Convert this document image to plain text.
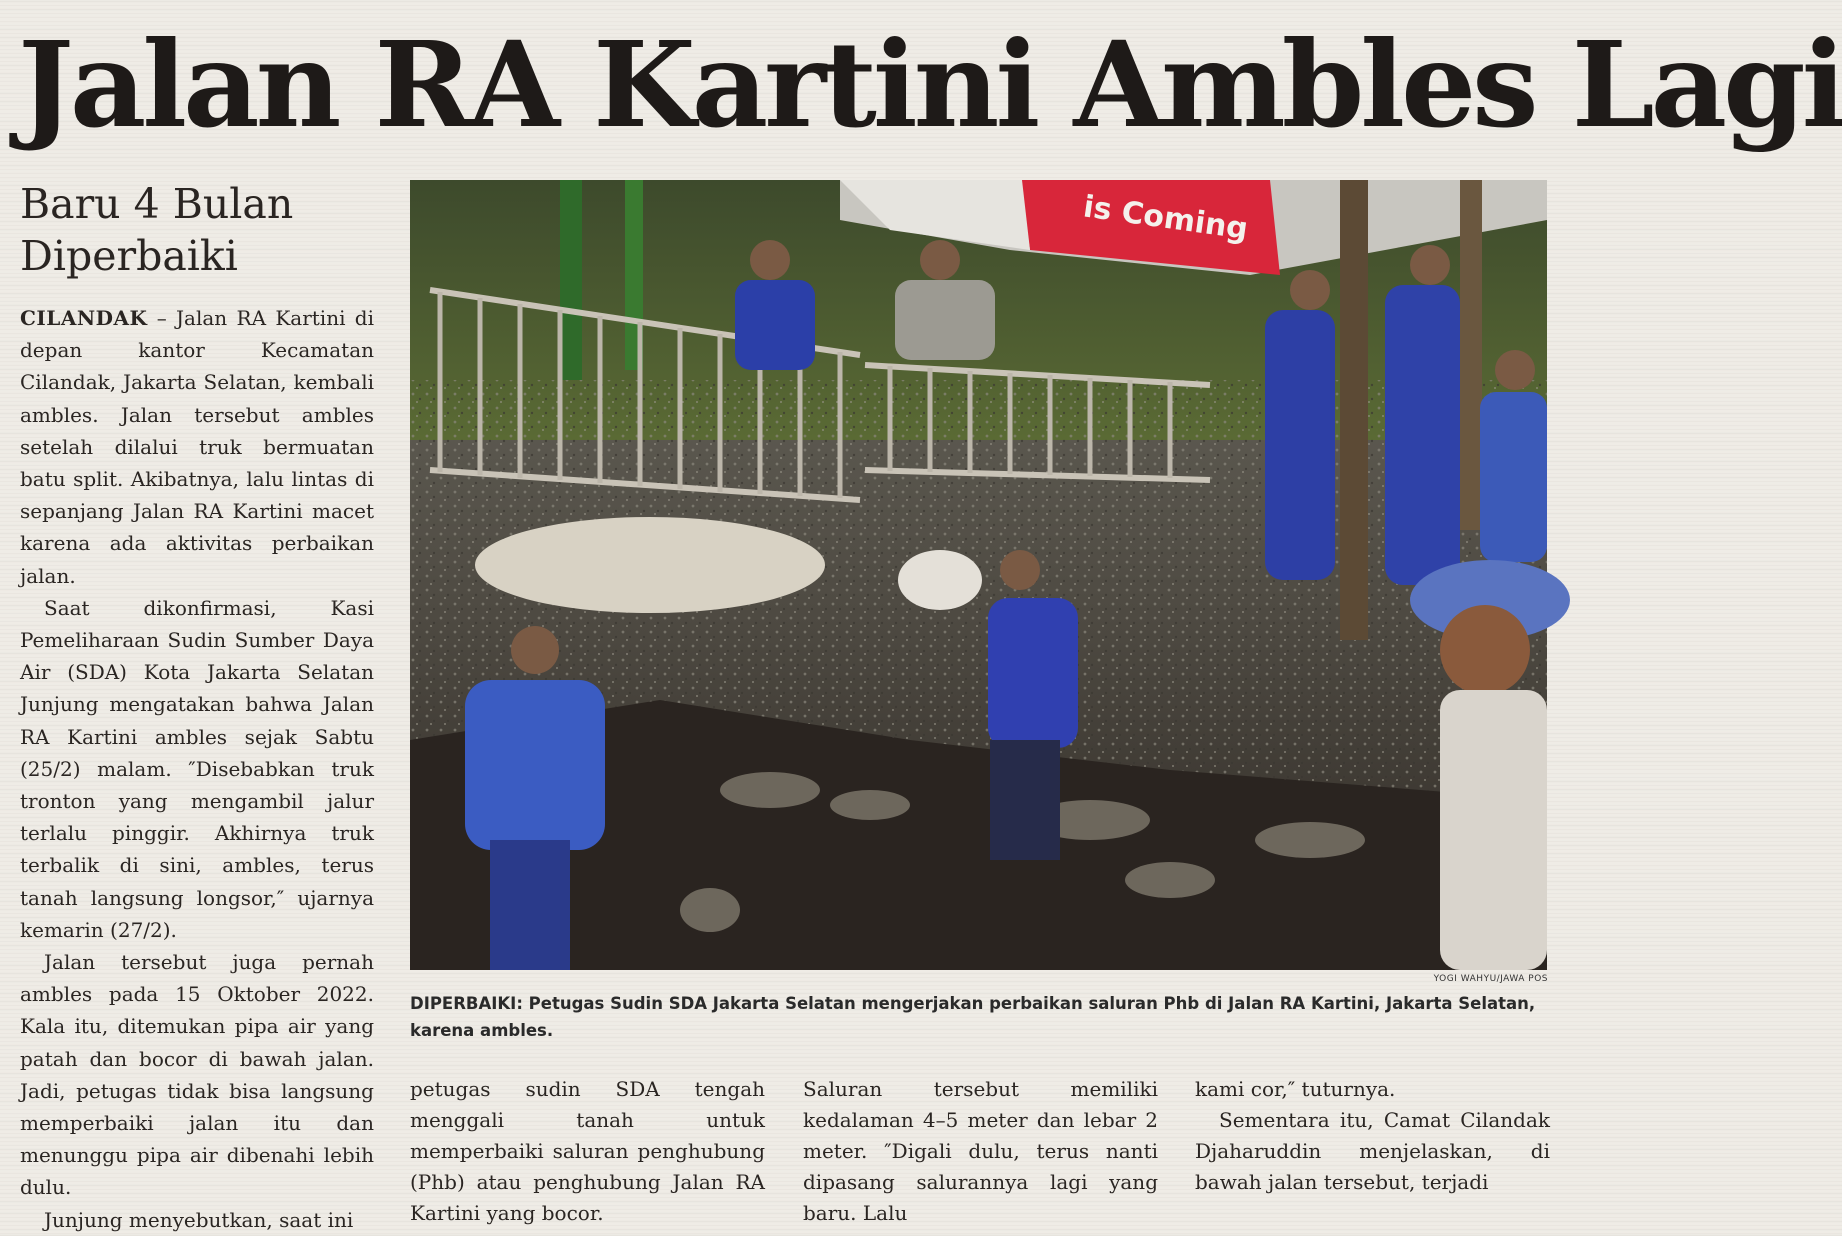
Jalan RA Kartini Ambles Lagi
Baru 4 Bulan Diperbaiki

CILANDAK – Jalan RA Kartini di depan kantor Kecamatan Cilandak, Jakarta Selatan, kembali ambles. Jalan tersebut ambles setelah dilalui truk bermuatan batu split. Akibatnya, lalu lintas di sepanjang Jalan RA Kartini macet karena ada aktivitas perbaikan jalan.

Saat dikonfirmasi, Kasi Pemeliharaan Sudin Sumber Daya Air (SDA) Kota Jakarta Selatan Junjung mengatakan bahwa Jalan RA Kartini ambles sejak Sabtu (25/2) malam. ″Disebabkan truk tronton yang mengambil jalur terlalu pinggir. Akhirnya truk terbalik di sini, ambles, terus tanah langsung longsor,″ ujarnya kemarin (27/2).

Jalan tersebut juga pernah ambles pada 15 Oktober 2022. Kala itu, ditemukan pipa air yang patah dan bocor di bawah jalan. Jadi, petugas tidak bisa langsung memperbaiki jalan itu dan menunggu pipa air dibenahi lebih dulu.

Junjung menyebutkan, saat ini

is Coming
YOGI WAHYU/JAWA POS
DIPERBAIKI: Petugas Sudin SDA Jakarta Selatan mengerjakan perbaikan saluran Phb di Jalan RA Kartini, Jakarta Selatan, karena ambles.

petugas sudin SDA tengah menggali tanah untuk memperbaiki saluran penghubung (Phb) atau penghubung Jalan RA Kartini yang bocor.

Saluran tersebut memiliki kedalaman 4–5 meter dan lebar 2 meter. ″Digali dulu, terus nanti dipasang salurannya lagi yang baru. Lalu

kami cor,″ tuturnya.

Sementara itu, Camat Cilandak Djaharuddin menjelaskan, di bawah jalan tersebut, terjadi
